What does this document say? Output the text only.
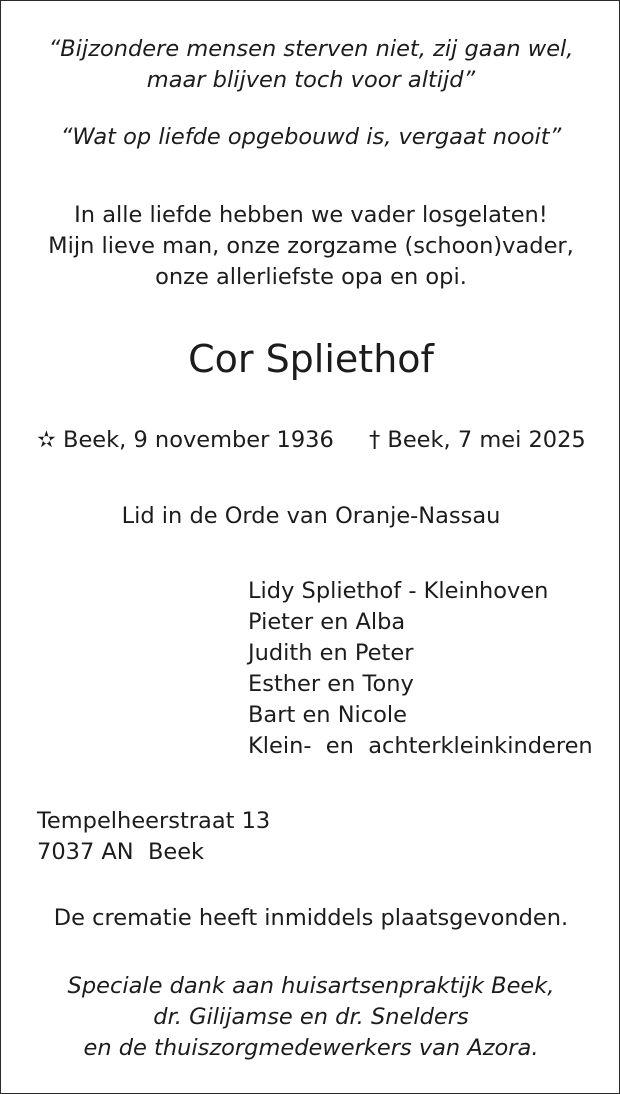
“Bijzondere mensen sterven niet, zij gaan wel,
maar blijven toch voor altijd”
“Wat op liefde opgebouwd is, vergaat nooit”
In alle liefde hebben we vader losgelaten!
Mijn lieve man, onze zorgzame (schoon)vader,
onze allerliefste opa en opi.
Cor Spliethof
✫ Beek, 9 november 1936 † Beek, 7 mei 2025
Lid in de Orde van Oranje-Nassau
Lidy Spliethof - Kleinhoven
Pieter en Alba
Judith en Peter
Esther en Tony
Bart en Nicole
Klein-  en  achterkleinkinderen
Tempelheerstraat 13
7037 AN  Beek
De crematie heeft inmiddels plaatsgevonden.
Speciale dank aan huisartsenpraktijk Beek,
dr. Gilijamse en dr. Snelders
en de thuiszorgmedewerkers van Azora.
